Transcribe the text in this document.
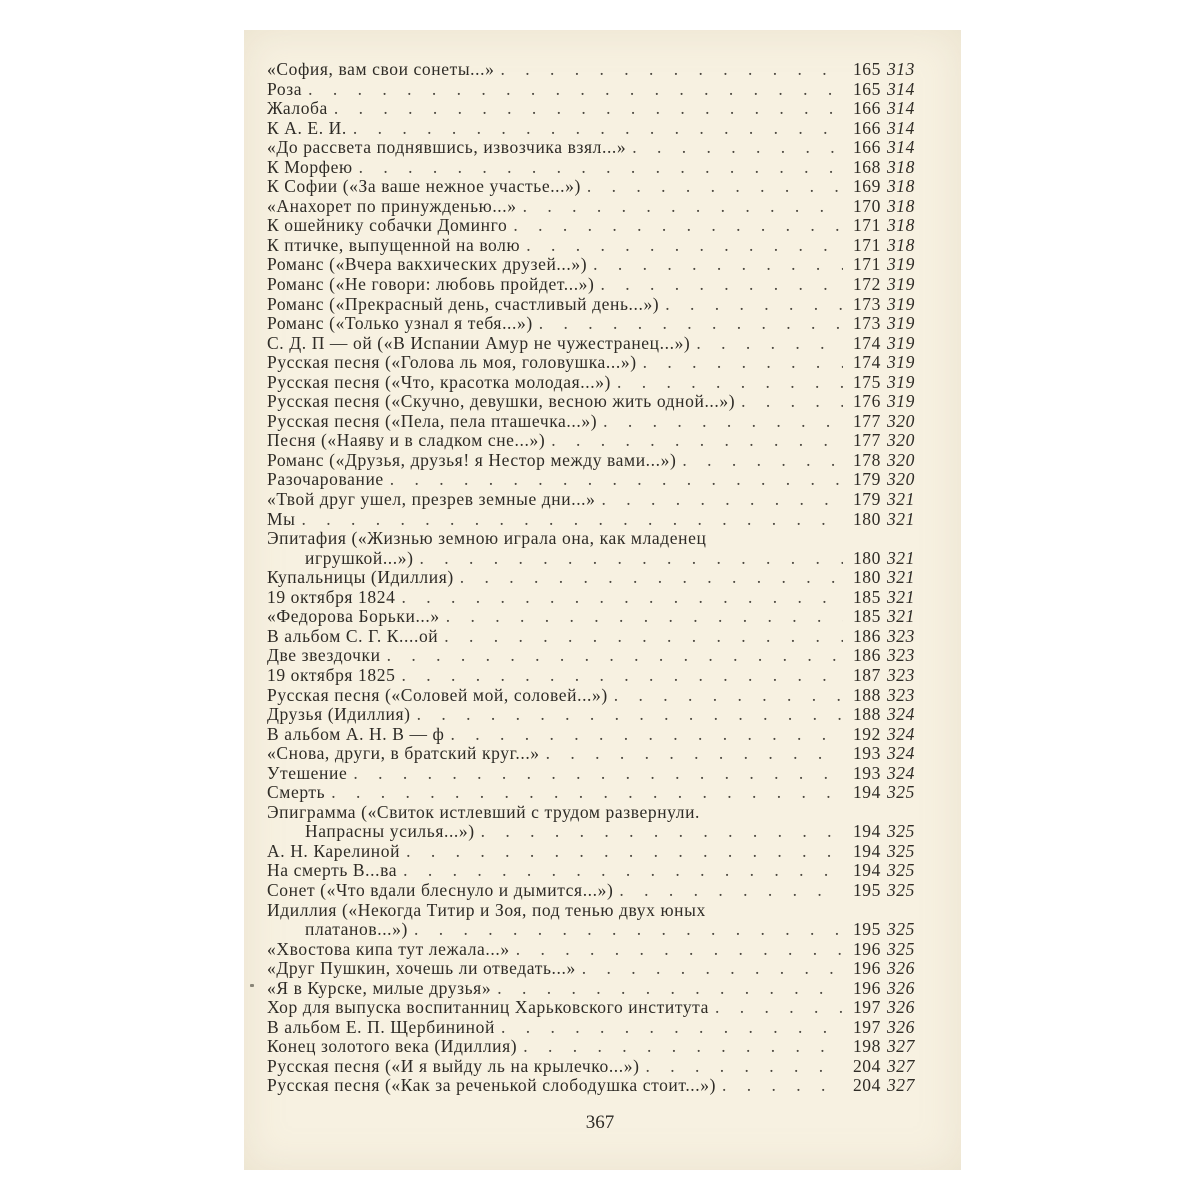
«София, вам свои сонеты...» . . .	165 313
Роза . . .	165 314
Жалоба . . .	166 314
К А. Е. И. . . .	166 314
«До рассвета поднявшись, извозчика взял...» . . .	166 314
К Морфею . . .	168 318
К Софии («За ваше нежное участье...») . . .	169 318
«Анахорет по принужденью...» . . .	170 318
К ошейнику собачки Доминго . . .	171 318
К птичке, выпущенной на волю . . .	171 318
Романс («Вчера вакхических друзей...») . . .	171 319
Романс («Не говори: любовь пройдет...») . . .	172 319
Романс («Прекрасный день, счастливый день...») . . .	173 319
Романс («Только узнал я тебя...») . . .	173 319
С. Д. П — ой («В Испании Амур не чужестранец...») . . .	174 319
Русская песня («Голова ль моя, головушка...») . . .	174 319
Русская песня («Что, красотка молодая...») . . .	175 319
Русская песня («Скучно, девушки, весною жить одной...») . . .	176 319
Русская песня («Пела, пела пташечка...») . . .	177 320
Песня («Наяву и в сладком сне...») . . .	177 320
Романс («Друзья, друзья! я Нестор между вами...») . . .	178 320
Разочарование . . .	179 320
«Твой друг ушел, презрев земные дни...» . . .	179 321
Мы . . .	180 321
Эпитафия («Жизнью земною играла она, как младенец
игрушкой...») . . .	180 321
Купальницы (Идиллия) . . .	180 321
19 октября 1824 . . .	185 321
«Федорова Борьки...» . . .	185 321
В альбом С. Г. К....ой . . .	186 323
Две звездочки . . .	186 323
19 октября 1825 . . .	187 323
Русская песня («Соловей мой, соловей...») . . .	188 323
Друзья (Идиллия) . . .	188 324
В альбом А. Н. В — ф . . .	192 324
«Снова, други, в братский круг...» . . .	193 324
Утешение . . .	193 324
Смерть . . .	194 325
Эпиграмма («Свиток истлевший с трудом развернули.
Напрасны усилья...») . . .	194 325
А. Н. Карелиной . . .	194 325
На смерть В...ва . . .	194 325
Сонет («Что вдали блеснуло и дымится...») . . .	195 325
Идиллия («Некогда Титир и Зоя, под тенью двух юных
платанов...») . . .	195 325
«Хвостова кипа тут лежала...» . . .	196 325
«Друг Пушкин, хочешь ли отведать...» . . .	196 326
«Я в Курске, милые друзья» . . .	196 326
Хор для выпуска воспитанниц Харьковского института . . .	197 326
В альбом Е. П. Щербининой . . .	197 326
Конец золотого века (Идиллия) . . .	198 327
Русская песня («И я выйду ль на крылечко...») . . .	204 327
Русская песня («Как за реченькой слободушка стоит...») . . .	204 327
367
